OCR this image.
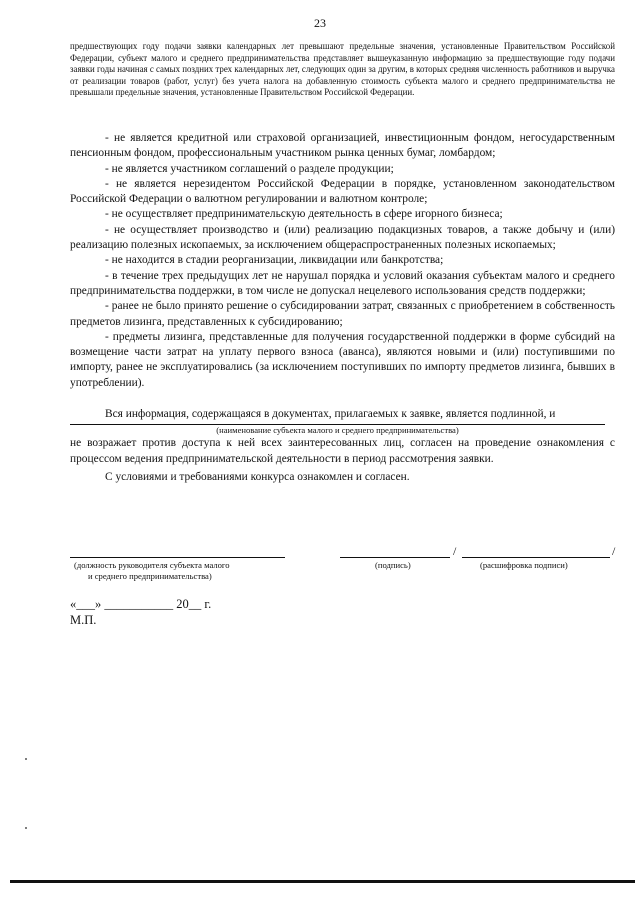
23
предшествующих году подачи заявки календарных лет превышают предельные значения, установленные Правительством Российской Федерации, субъект малого и среднего предпринимательства представляет вышеуказанную информацию за предшествующие году подачи заявки годы начиная с самых поздних трех календарных лет, следующих один за другим, в которых средняя численность работников и выручка от реализации товаров (работ, услуг) без учета налога на добавленную стоимость субъекта малого и среднего предпринимательства не превышали предельные значения, установленные Правительством Российской Федерации.

- не является кредитной или страховой организацией, инвестиционным фондом, негосударственным пенсионным фондом, профессиональным участником рынка ценных бумаг, ломбардом;

- не является участником соглашений о разделе продукции;

- не является нерезидентом Российской Федерации в порядке, установленном законодательством Российской Федерации о валютном регулировании и валютном контроле;

- не осуществляет предпринимательскую деятельность в сфере игорного бизнеса;

- не осуществляет производство и (или) реализацию подакцизных товаров, а также добычу и (или) реализацию полезных ископаемых, за исключением общераспространенных полезных ископаемых;

- не находится в стадии реорганизации, ликвидации или банкротства;

- в течение трех предыдущих лет не нарушал порядка и условий оказания субъектам малого и среднего предпринимательства поддержки, в том числе не допускал нецелевого использования средств поддержки;

- ранее не было принято решение о субсидировании затрат, связанных с приобретением в собственность предметов лизинга, представленных к субсидированию;

- предметы лизинга, представленные для получения государственной поддержки в форме субсидий на возмещение части затрат на уплату первого взноса (аванса), являются новыми и (или) поступившими по импорту, ранее не эксплуатировались (за исключением поступивших по импорту предметов лизинга, бывших в употреблении).

Вся информация, содержащаяся в документах, прилагаемых к заявке, является подлинной, и

(наименование субъекта малого и среднего предпринимательства)

не возражает против доступа к ней всех заинтересованных лиц, согласен на проведение ознакомления с процессом ведения предпринимательской деятельности в период рассмотрения заявки.

С условиями и требованиями конкурса ознакомлен и согласен.

/	/
(должность руководителя субъекта малого
и среднего предпринимательства)
(подпись)	(расшифровка подписи)
«___» ___________ 20__ г.
М.П.
